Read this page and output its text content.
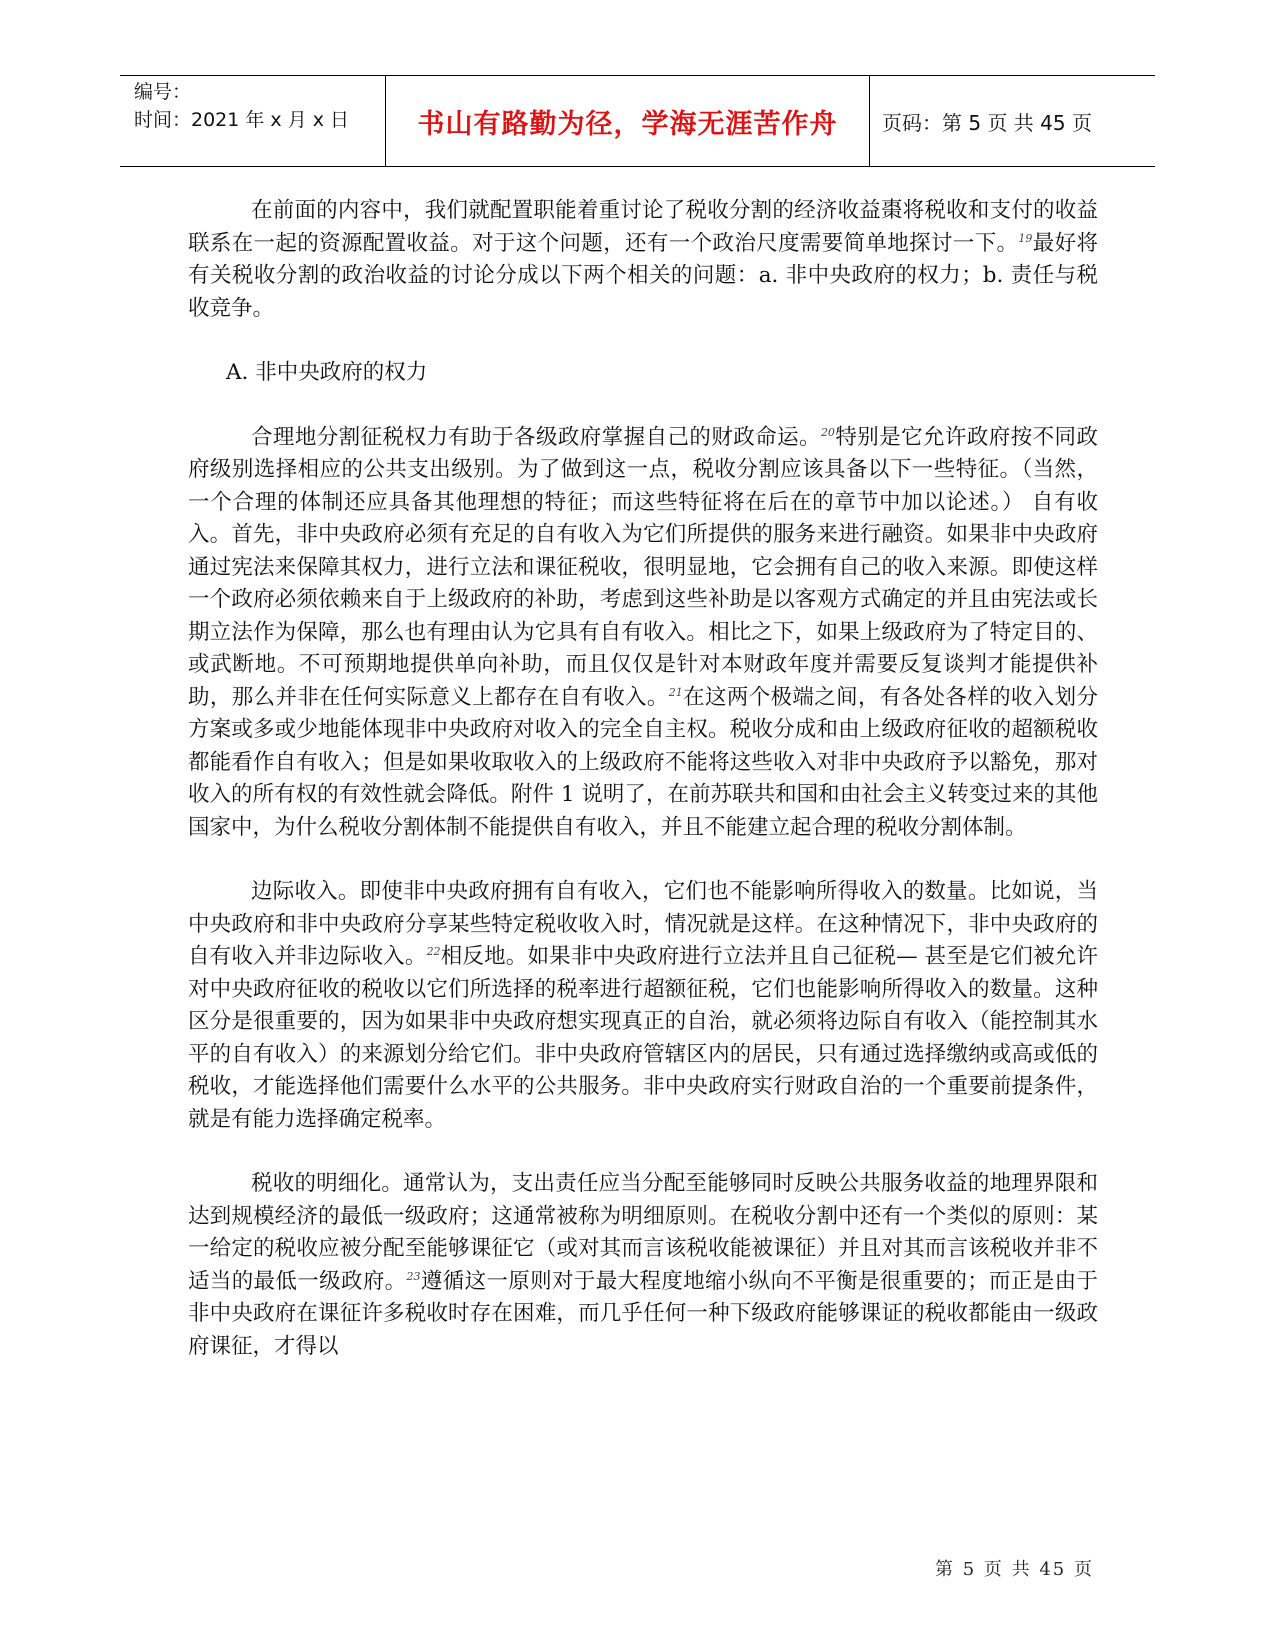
编号：
时间：2021 年 x 月 x 日	书山有路勤为径，学海无涯苦作舟	页码：第 5 页 共 45 页

在前面的内容中，我们就配置职能着重讨论了税收分割的经济收益棗将税收和支付的收益联系在一起的资源配置收益。对于这个问题，还有一个政治尺度需要简单地探讨一下。$^{19}$最好将有关税收分割的政治收益的讨论分成以下两个相关的问题：a. 非中央政府的权力；b. 责任与税收竞争。

A. 非中央政府的权力

合理地分割征税权力有助于各级政府掌握自己的财政命运。$^{20}$特别是它允许政府按不同政府级别选择相应的公共支出级别。为了做到这一点，税收分割应该具备以下一些特征。（当然，一个合理的体制还应具备其他理想的特征；而这些特征将在后在的章节中加以论述。） 自有收入。首先，非中央政府必须有充足的自有收入为它们所提供的服务来进行融资。如果非中央政府通过宪法来保障其权力，进行立法和课征税收，很明显地，它会拥有自己的收入来源。即使这样一个政府必须依赖来自于上级政府的补助，考虑到这些补助是以客观方式确定的并且由宪法或长期立法作为保障，那么也有理由认为它具有自有收入。相比之下，如果上级政府为了特定目的、或武断地。不可预期地提供单向补助，而且仅仅是针对本财政年度并需要反复谈判才能提供补助，那么并非在任何实际意义上都存在自有收入。$^{21}$在这两个极端之间，有各处各样的收入划分方案或多或少地能体现非中央政府对收入的完全自主权。税收分成和由上级政府征收的超额税收都能看作自有收入；但是如果收取收入的上级政府不能将这些收入对非中央政府予以豁免，那对收入的所有权的有效性就会降低。附件 1 说明了，在前苏联共和国和由社会主义转变过来的其他国家中，为什么税收分割体制不能提供自有收入，并且不能建立起合理的税收分割体制。

边际收入。即使非中央政府拥有自有收入，它们也不能影响所得收入的数量。比如说，当中央政府和非中央政府分享某些特定税收收入时，情况就是这样。在这种情况下，非中央政府的自有收入并非边际收入。$^{22}$相反地。如果非中央政府进行立法并且自己征税— 甚至是它们被允许对中央政府征收的税收以它们所选择的税率进行超额征税，它们也能影响所得收入的数量。这种区分是很重要的，因为如果非中央政府想实现真正的自治，就必须将边际自有收入（能控制其水平的自有收入）的来源划分给它们。非中央政府管辖区内的居民，只有通过选择缴纳或高或低的税收，才能选择他们需要什么水平的公共服务。非中央政府实行财政自治的一个重要前提条件，就是有能力选择确定税率。

税收的明细化。通常认为，支出责任应当分配至能够同时反映公共服务收益的地理界限和达到规模经济的最低一级政府；这通常被称为明细原则。在税收分割中还有一个类似的原则：某一给定的税收应被分配至能够课征它（或对其而言该税收能被课征）并且对其而言该税收并非不适当的最低一级政府。$^{23}$遵循这一原则对于最大程度地缩小纵向不平衡是很重要的；而正是由于非中央政府在课征许多税收时存在困难，而几乎任何一种下级政府能够课证的税收都能由一级政府课征，才得以

第 5 页 共 45 页
